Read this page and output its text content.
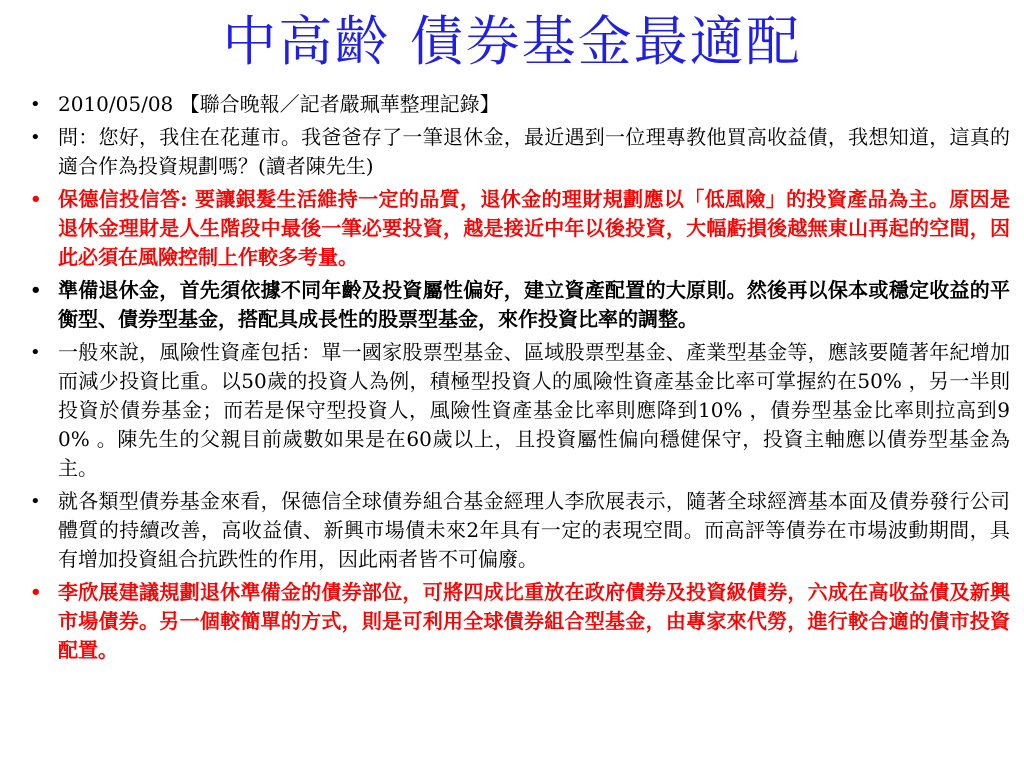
中高齡 債券基金最適配
• 2010/05/08 【聯合晚報／記者嚴珮華整理記錄】
• 問：您好，我住在花蓮市。我爸爸存了一筆退休金，最近遇到一位理專教他買高收益債，我想知道，這真的適合作為投資規劃嗎？(讀者陳先生)
• 保德信投信答: 要讓銀髮生活維持一定的品質，退休金的理財規劃應以「低風險」的投資產品為主。原因是退休金理財是人生階段中最後一筆必要投資，越是接近中年以後投資，大幅虧損後越無東山再起的空間，因此必須在風險控制上作較多考量。
• 準備退休金，首先須依據不同年齡及投資屬性偏好，建立資產配置的大原則。然後再以保本或穩定收益的平衡型、債券型基金，搭配具成長性的股票型基金，來作投資比率的調整。
• 一般來說，風險性資產包括：單一國家股票型基金、區域股票型基金、產業型基金等，應該要隨著年紀增加而減少投資比重。以50歲的投資人為例，積極型投資人的風險性資產基金比率可掌握約在50% ，另一半則投資於債券基金；而若是保守型投資人，風險性資產基金比率則應降到10% ，債券型基金比率則拉高到90% 。陳先生的父親目前歲數如果是在60歲以上，且投資屬性偏向穩健保守，投資主軸應以債券型基金為主。
• 就各類型債券基金來看，保德信全球債券組合基金經理人李欣展表示，隨著全球經濟基本面及債券發行公司體質的持續改善，高收益債、新興市場債未來2年具有一定的表現空間。而高評等債券在市場波動期間，具有增加投資組合抗跌性的作用，因此兩者皆不可偏廢。
• 李欣展建議規劃退休準備金的債券部位，可將四成比重放在政府債券及投資級債券，六成在高收益債及新興市場債券。另一個較簡單的方式，則是可利用全球債券組合型基金，由專家來代勞，進行較合適的債市投資配置。
